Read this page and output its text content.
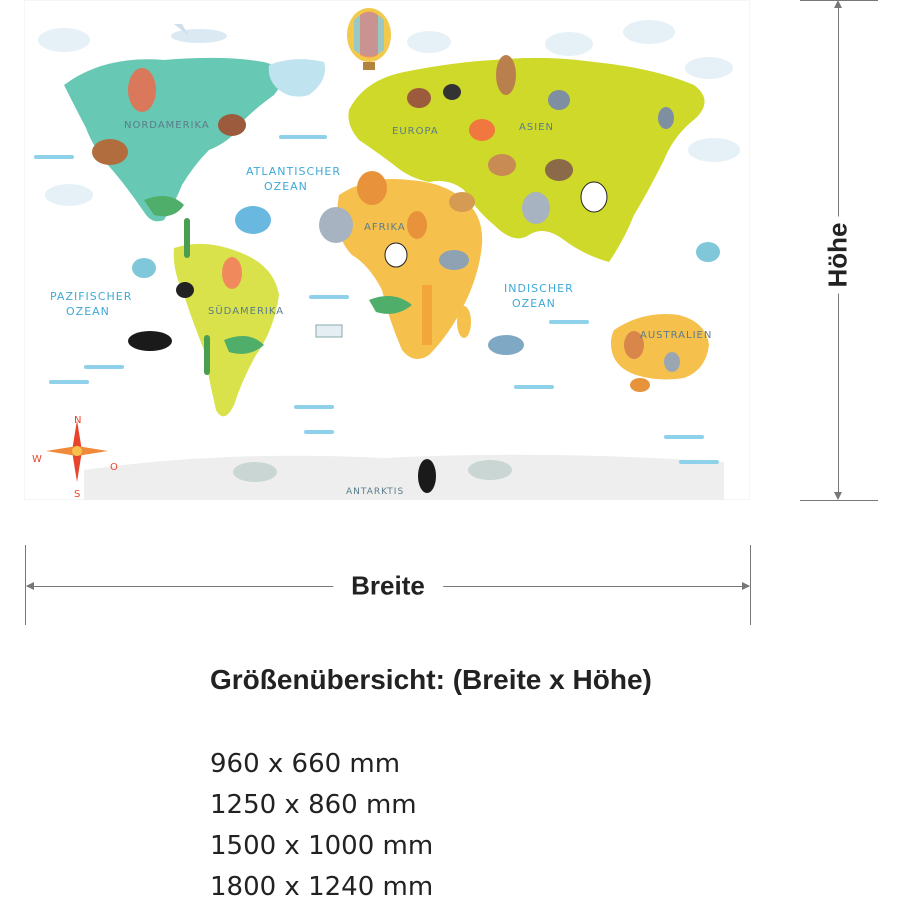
NORDAMERIKA
ATLANTISCHER
OZEAN
EUROPA	ASIEN
AFRIKA
PAZIFISCHER
OZEAN	SÜDAMERIKA
INDISCHER
OZEAN
AUSTRALIEN
ANTARKTIS
N
S
W
O
Höhe
Breite
Größenübersicht: (Breite x Höhe)
960 x 660 mm
1250 x 860 mm
1500 x 1000 mm
1800 x 1240 mm
